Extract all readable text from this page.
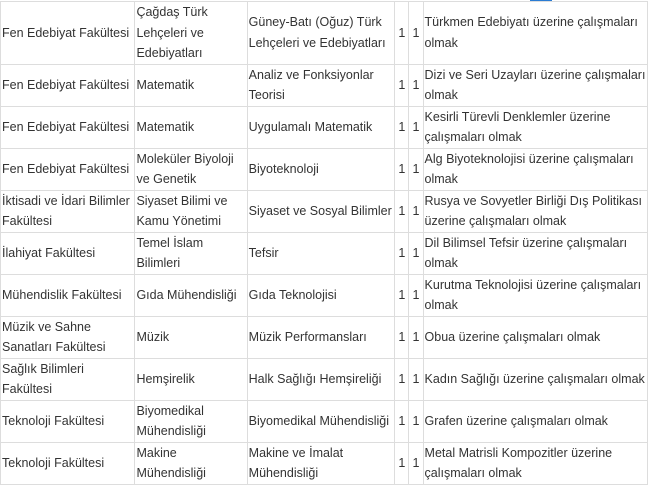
Fen Edebiyat Fakültesi	Çağdaş Türk Lehçeleri ve Edebiyatları	Güney-Batı (Oğuz) Türk Lehçeleri ve Edebiyatları	1	1	Türkmen Edebiyatı üzerine çalışmaları olmak
Fen Edebiyat Fakültesi	Matematik	Analiz ve Fonksiyonlar Teorisi	1	1	Dizi ve Seri Uzayları üzerine çalışmaları olmak
Fen Edebiyat Fakültesi	Matematik	Uygulamalı Matematik	1	1	Kesirli Türevli Denklemler üzerine çalışmaları olmak
Fen Edebiyat Fakültesi	Moleküler Biyoloji ve Genetik	Biyoteknoloji	1	1	Alg Biyoteknolojisi üzerine çalışmaları olmak
İktisadi ve İdari Bilimler Fakültesi	Siyaset Bilimi ve Kamu Yönetimi	Siyaset ve Sosyal Bilimler	1	1	Rusya ve Sovyetler Birliği Dış Politikası üzerine çalışmaları olmak
İlahiyat Fakültesi	Temel İslam Bilimleri	Tefsir	1	1	Dil Bilimsel Tefsir üzerine çalışmaları olmak
Mühendislik Fakültesi	Gıda Mühendisliği	Gıda Teknolojisi	1	1	Kurutma Teknolojisi üzerine çalışmaları olmak
Müzik ve Sahne Sanatları Fakültesi	Müzik	Müzik Performansları	1	1	Obua üzerine çalışmaları olmak
Sağlık Bilimleri Fakültesi	Hemşirelik	Halk Sağlığı Hemşireliği	1	1	Kadın Sağlığı üzerine çalışmaları olmak
Teknoloji Fakültesi	Biyomedikal Mühendisliği	Biyomedikal Mühendisliği	1	1	Grafen üzerine çalışmaları olmak
Teknoloji Fakültesi	Makine Mühendisliği	Makine ve İmalat Mühendisliği	1	1	Metal Matrisli Kompozitler üzerine çalışmaları olmak
